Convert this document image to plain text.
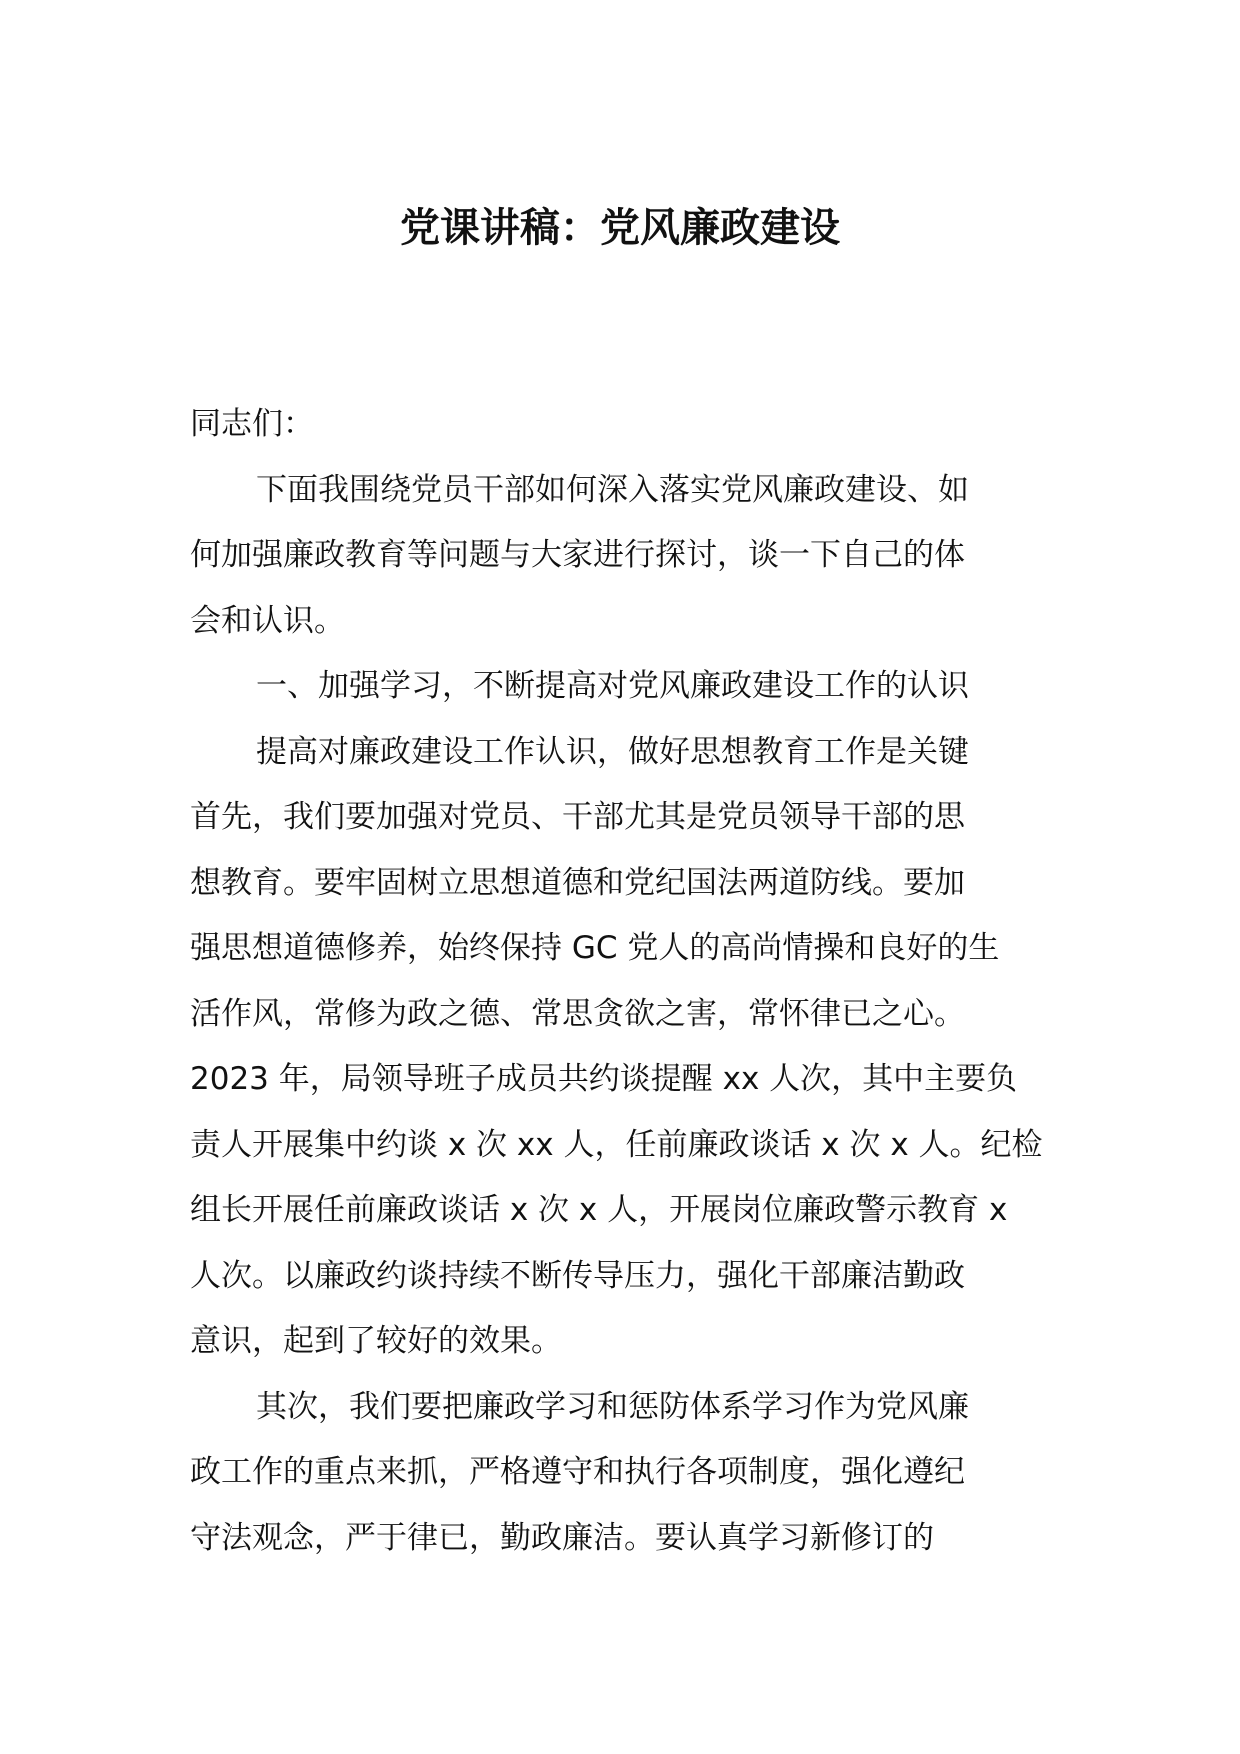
党课讲稿：党风廉政建设
同志们：
下面我围绕党员干部如何深入落实党风廉政建设、如
何加强廉政教育等问题与大家进行探讨，谈一下自己的体
会和认识。
一、加强学习，不断提高对党风廉政建设工作的认识
提高对廉政建设工作认识，做好思想教育工作是关键
首先，我们要加强对党员、干部尤其是党员领导干部的思
想教育。要牢固树立思想道德和党纪国法两道防线。要加
强思想道德修养，始终保持 GC 党人的高尚情操和良好的生
活作风，常修为政之德、常思贪欲之害，常怀律已之心。
2023 年，局领导班子成员共约谈提醒 xx 人次，其中主要负
责人开展集中约谈 x 次 xx 人，任前廉政谈话 x 次 x 人。纪检
组长开展任前廉政谈话 x 次 x 人，开展岗位廉政警示教育 x
人次。以廉政约谈持续不断传导压力，强化干部廉洁勤政
意识，起到了较好的效果。
其次，我们要把廉政学习和惩防体系学习作为党风廉
政工作的重点来抓，严格遵守和执行各项制度，强化遵纪
守法观念，严于律已，勤政廉洁。要认真学习新修订的
